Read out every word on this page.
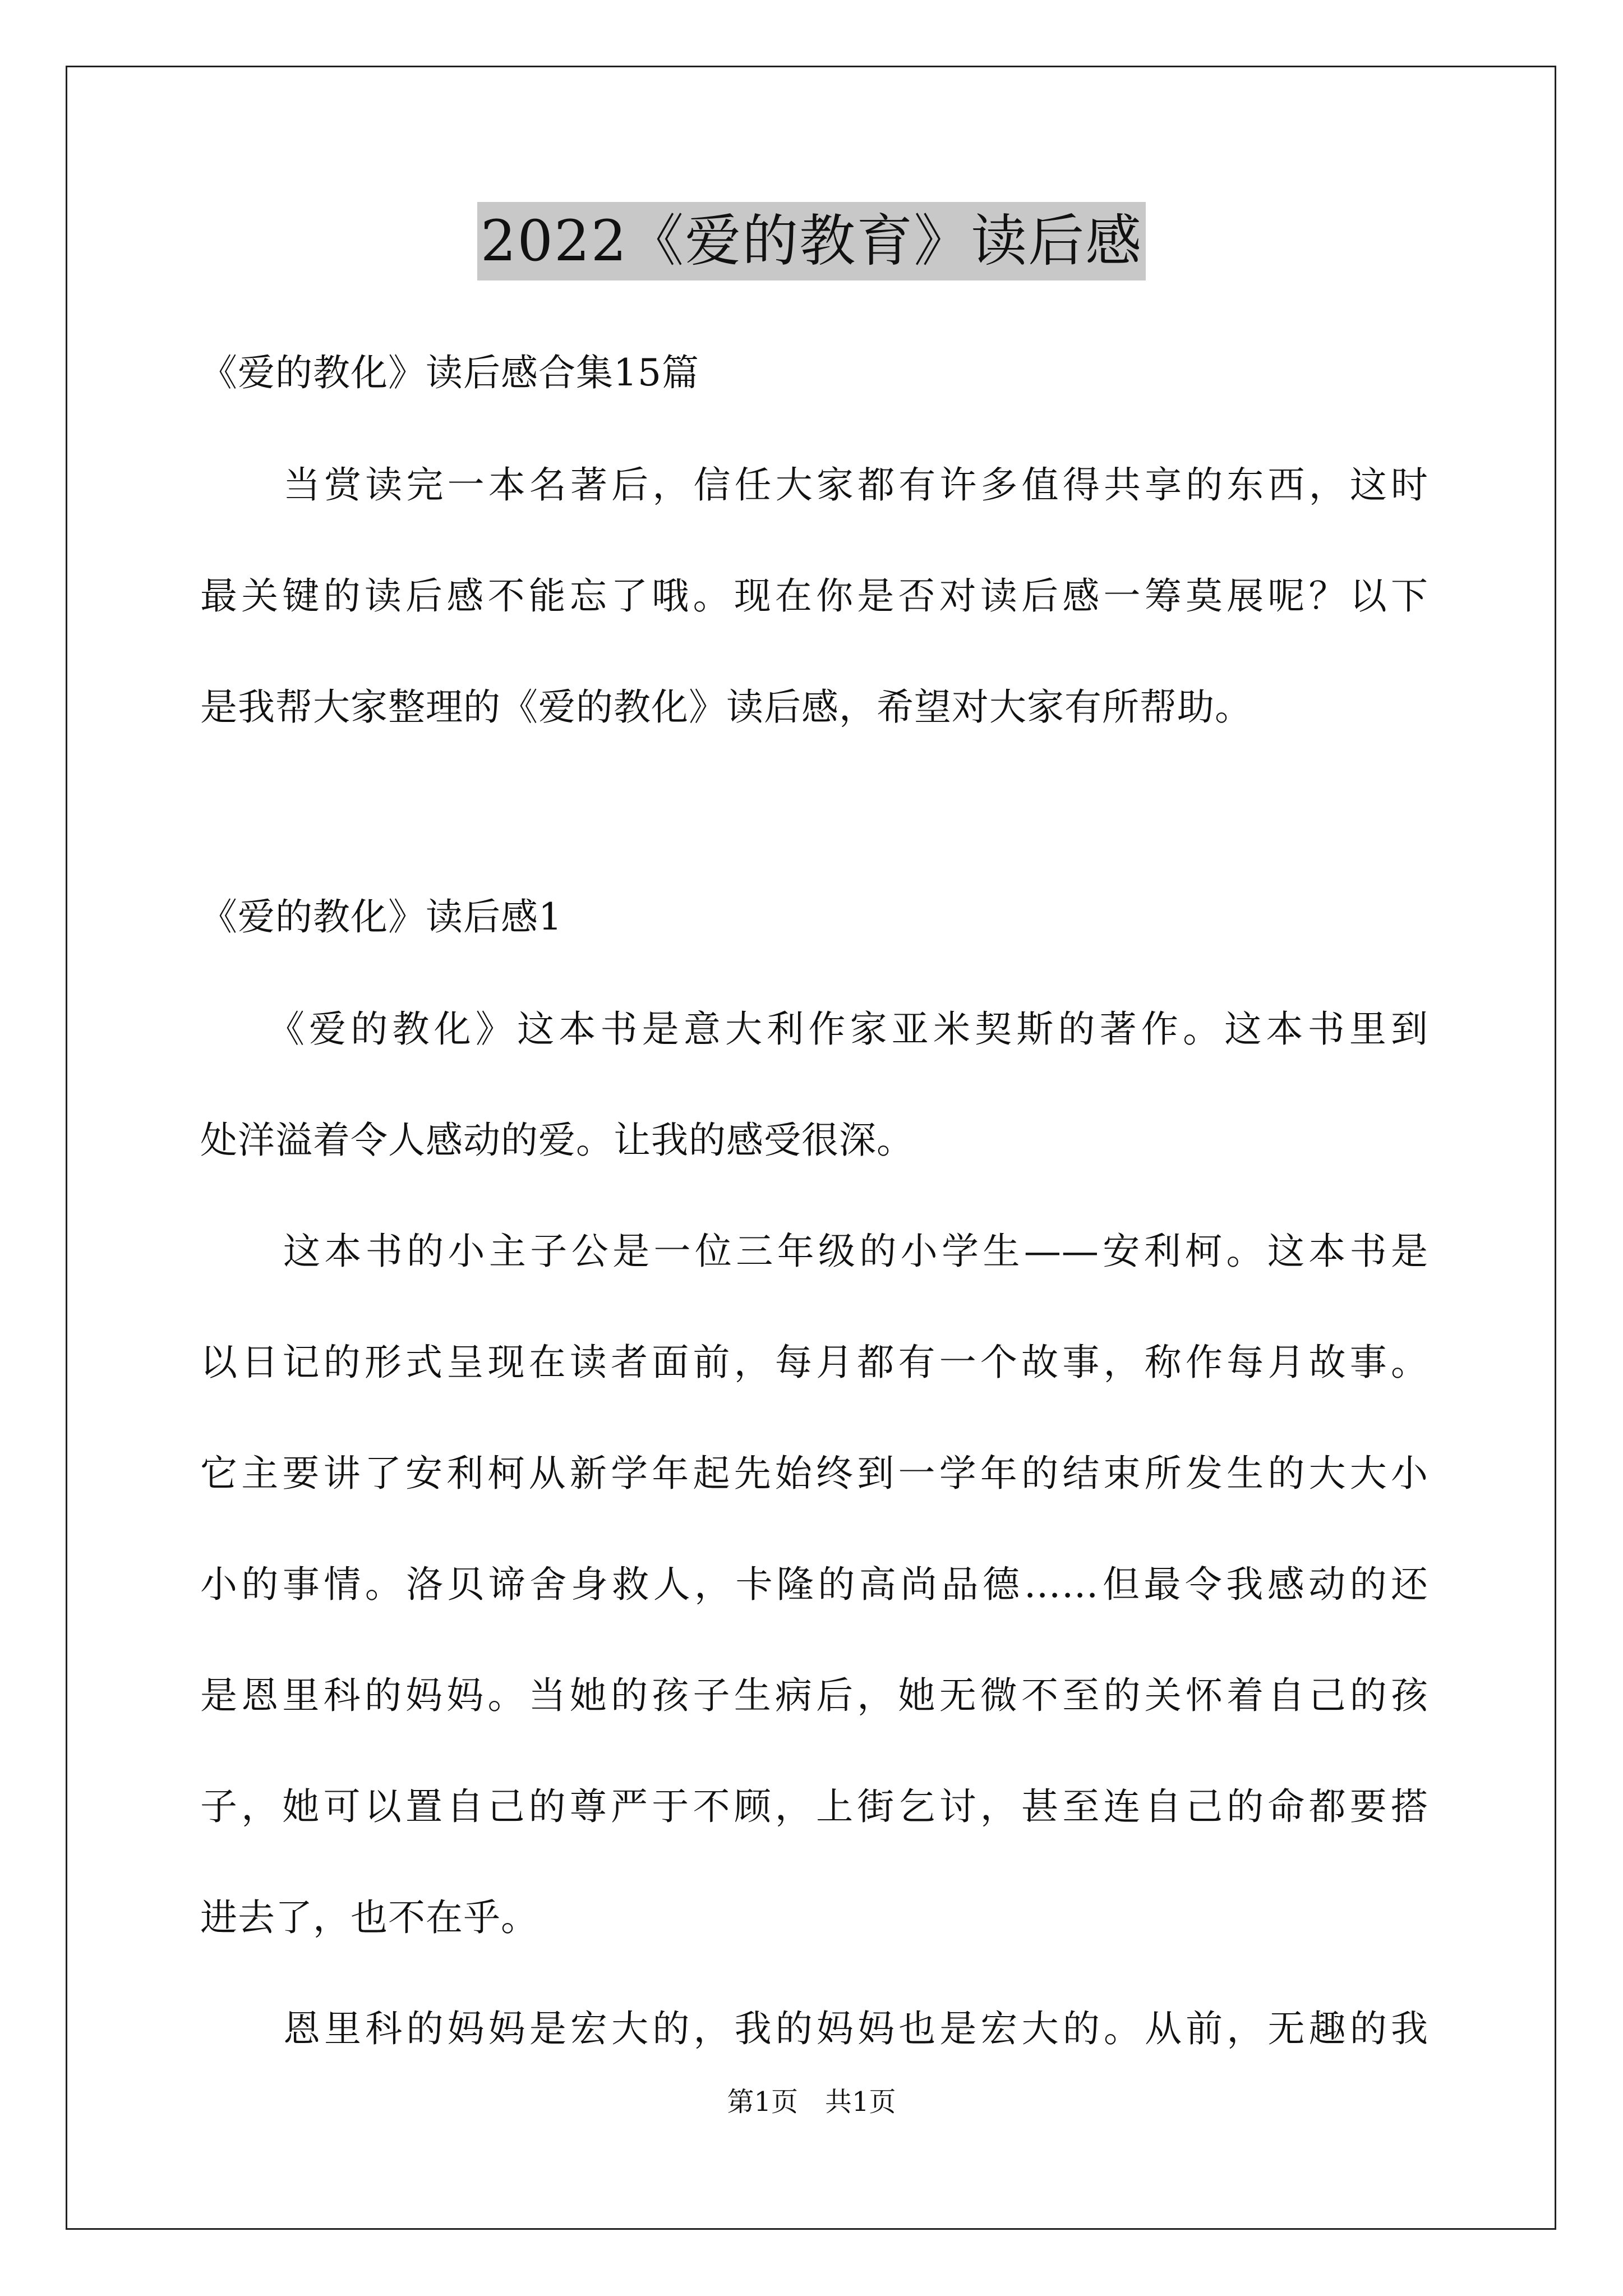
2022《爱的教育》读后感
《爱的教化》读后感合集15篇
当赏读完一本名著后，信任大家都有许多值得共享的东西，这时
最关键的读后感不能忘了哦。现在你是否对读后感一筹莫展呢？以下
是我帮大家整理的《爱的教化》读后感，希望对大家有所帮助。
《爱的教化》读后感1
《爱的教化》这本书是意大利作家亚米契斯的著作。这本书里到
处洋溢着令人感动的爱。让我的感受很深。
这本书的小主子公是一位三年级的小学生——安利柯。这本书是
以日记的形式呈现在读者面前，每月都有一个故事，称作每月故事。
它主要讲了安利柯从新学年起先始终到一学年的结束所发生的大大小
小的事情。洛贝谛舍身救人，卡隆的高尚品德……但最令我感动的还
是恩里科的妈妈。当她的孩子生病后，她无微不至的关怀着自己的孩
子，她可以置自己的尊严于不顾，上街乞讨，甚至连自己的命都要搭
进去了，也不在乎。
恩里科的妈妈是宏大的，我的妈妈也是宏大的。从前，无趣的我
第1页　共1页
